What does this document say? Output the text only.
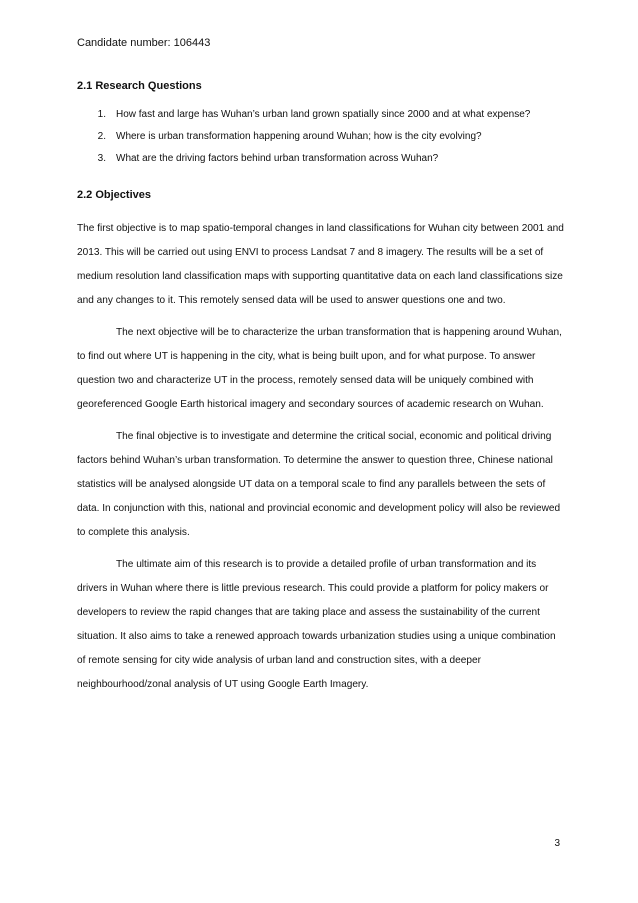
Candidate number: 106443
2.1 Research Questions
1.	How fast and large has Wuhan’s urban land grown spatially since 2000 and at what expense?
2.	Where is urban transformation happening around Wuhan; how is the city evolving?
3.	What are the driving factors behind urban transformation across Wuhan?
2.2 Objectives

The first objective is to map spatio-temporal changes in land classifications for Wuhan city between 2001 and 2013. This will be carried out using ENVI to process Landsat 7 and 8 imagery. The results will be a set of medium resolution land classification maps with supporting quantitative data on each land classifications size and any changes to it. This remotely sensed data will be used to answer questions one and two.

The next objective will be to characterize the urban transformation that is happening around Wuhan, to find out where UT is happening in the city, what is being built upon, and for what purpose. To answer question two and characterize UT in the process, remotely sensed data will be uniquely combined with georeferenced Google Earth historical imagery and secondary sources of academic research on Wuhan.

The final objective is to investigate and determine the critical social, economic and political driving factors behind Wuhan’s urban transformation. To determine the answer to question three, Chinese national statistics will be analysed alongside UT data on a temporal scale to find any parallels between the sets of data. In conjunction with this, national and provincial economic and development policy will also be reviewed to complete this analysis.

The ultimate aim of this research is to provide a detailed profile of urban transformation and its drivers in Wuhan where there is little previous research. This could provide a platform for policy makers or developers to review the rapid changes that are taking place and assess the sustainability of the current situation. It also aims to take a renewed approach towards urbanization studies using a unique combination of remote sensing for city wide analysis of urban land and construction sites, with a deeper neighbourhood/zonal analysis of UT using Google Earth Imagery.

3
